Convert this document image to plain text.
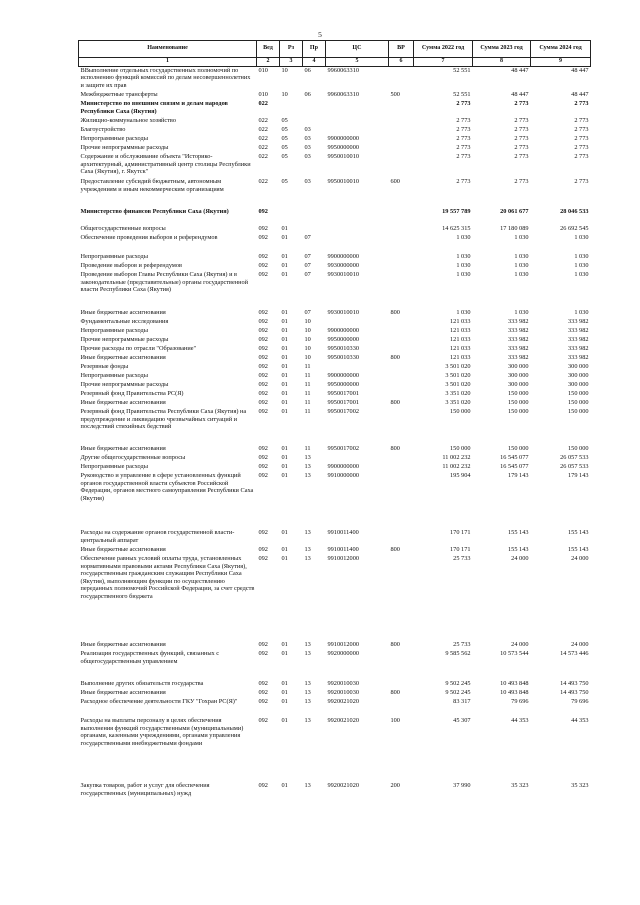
5
Наименование	Вед	Рз	Пр	ЦС	ВР	Сумма 2022 год	Сумма 2023 год	Сумма 2024 год
1	2	3	4	5	6	7	8	9
ВВыполнение отдельных государственных полномочий по исполнению функций комиссий по делам несовершеннолетних и защите их прав	010	10	06	9960063310		52 551	48 447	48 447
Межбюджетные трансферты	010	10	06	9960063310	500	52 551	48 447	48 447
Министерство по внешним связям и делам народов Республики Саха (Якутия)	022					2 773	2 773	2 773
Жилищно-коммунальное хозяйство	022	05				2 773	2 773	2 773
Благоустройство	022	05	03			2 773	2 773	2 773
Непрограммные расходы	022	05	03	9900000000		2 773	2 773	2 773
Прочие непрограммные расходы	022	05	03	9950000000		2 773	2 773	2 773
Содержание и обслуживание объекта "Историко-архитектурный, административный центр столицы Республики Саха (Якутия), г. Якутск"	022	05	03	9950010010		2 773	2 773	2 773
Предоставление субсидий бюджетным, автономным учреждениям и иным некоммерческим организациям	022	05	03	9950010010	600	2 773	2 773	2 773
Министерство финансов Республики Саха (Якутия)	092					19 557 789	20 061 677	28 046 533
Общегосударственные вопросы	092	01				14 625 315	17 180 089	26 692 545
Обеспечение проведения выборов и референдумов	092	01	07			1 030	1 030	1 030
Непрограммные расходы	092	01	07	9900000000		1 030	1 030	1 030
Проведение выборов и референдумов	092	01	07	9930000000		1 030	1 030	1 030
Проведение выборов Главы Республики Саха (Якутия) и в законодательные (представительные) органы государственной власти Республики Саха (Якутия)	092	01	07	9930010010		1 030	1 030	1 030
Иные бюджетные ассигнования	092	01	07	9930010010	800	1 030	1 030	1 030
Фундаментальные исследования	092	01	10			121 033	333 982	333 982
Непрограммные расходы	092	01	10	9900000000		121 033	333 982	333 982
Прочие непрограммные расходы	092	01	10	9950000000		121 033	333 982	333 982
Прочие расходы по отрасли "Образование"	092	01	10	9950010330		121 033	333 982	333 982
Иные бюджетные ассигнования	092	01	10	9950010330	800	121 033	333 982	333 982
Резервные фонды	092	01	11			3 501 020	300 000	300 000
Непрограммные расходы	092	01	11	9900000000		3 501 020	300 000	300 000
Прочие непрограммные расходы	092	01	11	9950000000		3 501 020	300 000	300 000
Резервный фонд Правительства РС(Я)	092	01	11	9950017001		3 351 020	150 000	150 000
Иные бюджетные ассигнования	092	01	11	9950017001	800	3 351 020	150 000	150 000
Резервный фонд Правительства Республики Саха (Якутия) на предупреждение и ликвидацию чрезвычайных ситуаций и последствий стихийных бедствий	092	01	11	9950017002		150 000	150 000	150 000
Иные бюджетные ассигнования	092	01	11	9950017002	800	150 000	150 000	150 000
Другие общегосударственные вопросы	092	01	13			11 002 232	16 545 077	26 057 533
Непрограммные расходы	092	01	13	9900000000		11 002 232	16 545 077	26 057 533
Руководство и управление в сфере установленных функций органов государственной власти субъектов Российской Федерации, органов местного самоуправления Республики Саха (Якутия)	092	01	13	9910000000		195 904	179 143	179 143
Расходы на содержание органов государственной власти- центральный аппарат	092	01	13	9910011400		170 171	155 143	155 143
Иные бюджетные ассигнования	092	01	13	9910011400	800	170 171	155 143	155 143
Обеспечение равных условий оплаты труда, установленных нормативными правовыми актами Республики Саха (Якутия), государственным гражданским служащим Республики Саха (Якутия), выполняющим функции по осуществлению переданных полномочий Российской Федерации, за счет средств государственного бюджета	092	01	13	9910012000		25 733	24 000	24 000
Иные бюджетные ассигнования	092	01	13	9910012000	800	25 733	24 000	24 000
Реализация государственных функций, связанных с общегосударственным управлением	092	01	13	9920000000		9 585 562	10 573 544	14 573 446
Выполнение других обязательств государства	092	01	13	9920010030		9 502 245	10 493 848	14 493 750
Иные бюджетные ассигнования	092	01	13	9920010030	800	9 502 245	10 493 848	14 493 750
Расходное обеспечение деятельности ГКУ "Гохран РС(Я)"	092	01	13	9920021020		83 317	79 696	79 696
Расходы на выплаты персоналу в целях обеспечения выполнения функций государственными (муниципальными) органами, казенными учреждениями, органами управления государственными внебюджетными фондами	092	01	13	9920021020	100	45 307	44 353	44 353
Закупка товаров, работ и услуг для обеспечения государственных (муниципальных) нужд	092	01	13	9920021020	200	37 990	35 323	35 323
